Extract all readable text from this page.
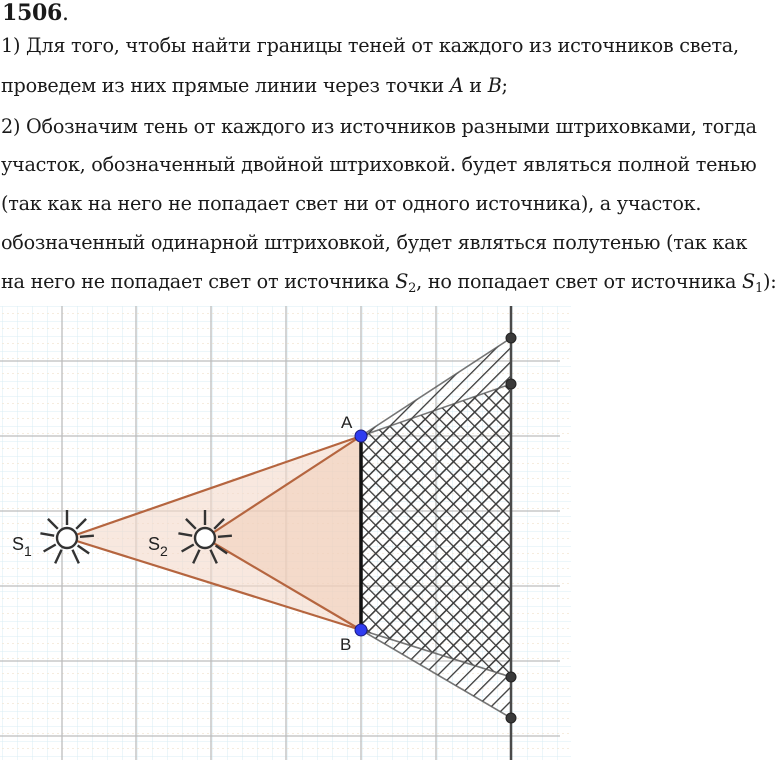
1506.
1) Для того, чтобы найти границы теней от каждого из источников света,
проведем из них прямые линии через точки A и B;
2) Обозначим тень от каждого из источников разными штриховками, тогда
участок, обозначенный двойной штриховкой. будет являться полной тенью
(так как на него не попадает свет ни от одного источника), а участок.
обозначенный одинарной штриховкой, будет являться полутенью (так как
на него не попадает свет от источника $S_2$, но попадает свет от источника $S_1$):
A
B
$S_1$	$S_2$
